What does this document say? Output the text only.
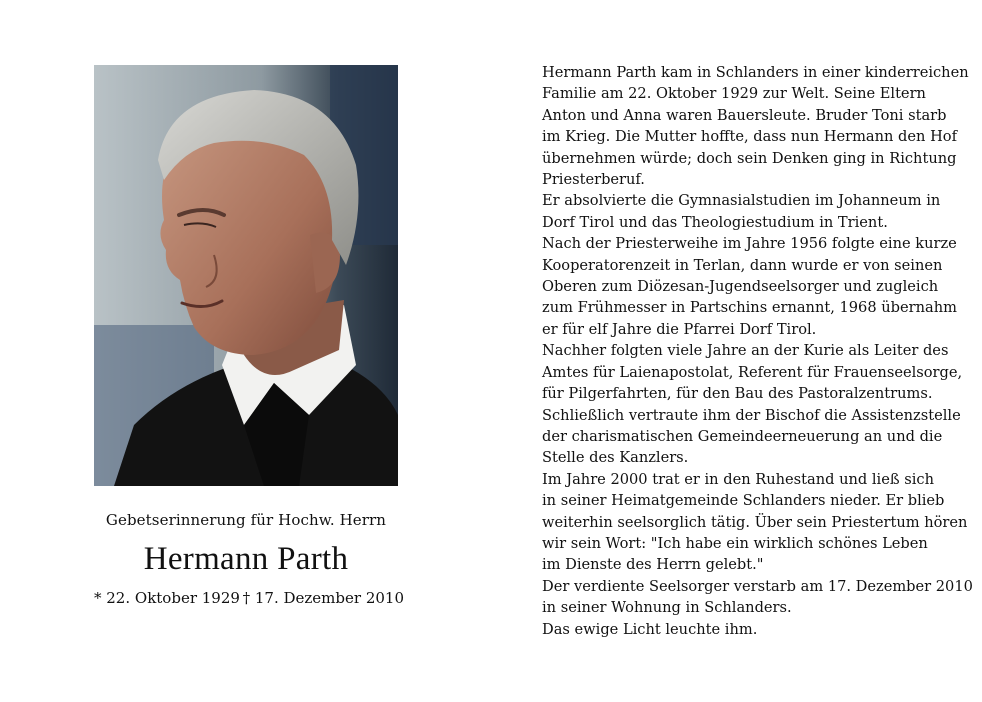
Gebetserinnerung für Hochw. Herrn
Hermann Parth
* 22. Oktober 1929 † 17. Dezember 2010
Hermann Parth kam in Schlanders in einer kinderreichen
Familie am 22. Oktober 1929 zur Welt. Seine Eltern
Anton und Anna waren Bauersleute. Bruder Toni starb
im Krieg. Die Mutter hoffte, dass nun Hermann den Hof
übernehmen würde; doch sein Denken ging in Richtung
Priesterberuf.
Er absolvierte die Gymnasialstudien im Johanneum in
Dorf Tirol und das Theologiestudium in Trient.
Nach der Priesterweihe im Jahre 1956 folgte eine kurze
Kooperatorenzeit in Terlan, dann wurde er von seinen
Oberen zum Diözesan-Jugendseelsorger und zugleich
zum Frühmesser in Partschins ernannt, 1968 übernahm
er für elf Jahre die Pfarrei Dorf Tirol.
Nachher folgten viele Jahre an der Kurie als Leiter des
Amtes für Laienapostolat, Referent für Frauenseelsorge,
für Pilgerfahrten, für den Bau des Pastoralzentrums.
Schließlich vertraute ihm der Bischof die Assistenzstelle
der charismatischen Gemeindeerneuerung an und die
Stelle des Kanzlers.
Im Jahre 2000 trat er in den Ruhestand und ließ sich
in seiner Heimatgemeinde Schlanders nieder. Er blieb
weiterhin seelsorglich tätig. Über sein Priestertum hören
wir sein Wort: "Ich habe ein wirklich schönes Leben
im Dienste des Herrn gelebt."
Der verdiente Seelsorger verstarb am 17. Dezember 2010
in seiner Wohnung in Schlanders.
Das ewige Licht leuchte ihm.
